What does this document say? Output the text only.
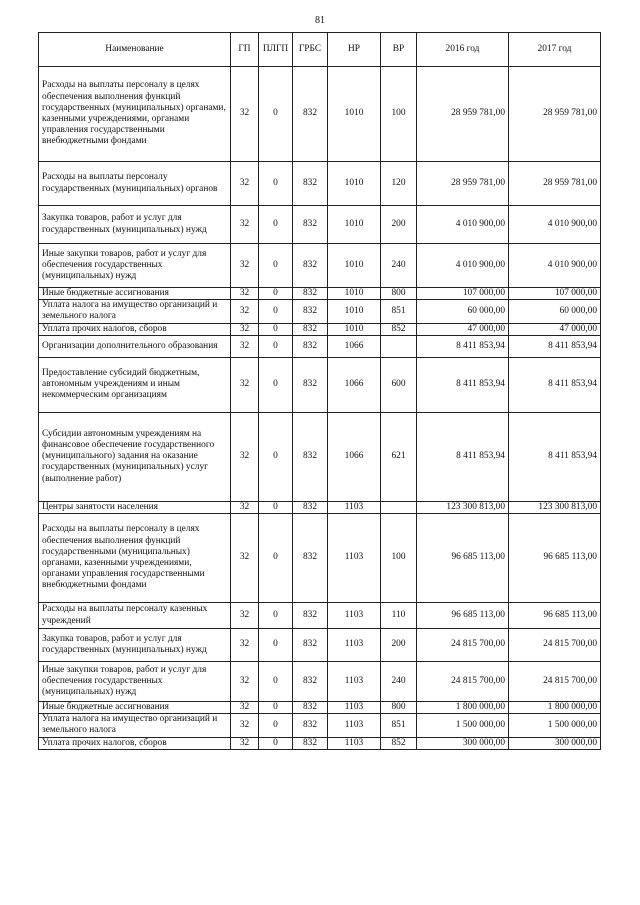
81
Наименование	ГП	ПЛГП	ГРБС	НР	ВР	2016 год	2017 год
Расходы на выплаты персоналу в целях обеспечения выполнения функций государственных (муниципальных) органами, казенными учреждениями, органами управления государственными внебюджетными фондами	32	0	832	1010	100	28 959 781,00	28 959 781,00
Расходы на выплаты персоналу государственных (муниципальных) органов	32	0	832	1010	120	28 959 781,00	28 959 781,00
Закупка товаров, работ и услуг для государственных (муниципальных) нужд	32	0	832	1010	200	4 010 900,00	4 010 900,00
Иные закупки товаров, работ и услуг для обеспечения государственных (муниципальных) нужд	32	0	832	1010	240	4 010 900,00	4 010 900,00
Иные бюджетные ассигнования	32	0	832	1010	800	107 000,00	107 000,00
Уплата налога на имущество организаций и земельного налога	32	0	832	1010	851	60 000,00	60 000,00
Уплата прочих налогов, сборов	32	0	832	1010	852	47 000,00	47 000,00
Организации дополнительного образования	32	0	832	1066		8 411 853,94	8 411 853,94
Предоставление субсидий бюджетным, автономным учреждениям и иным некоммерческим организациям	32	0	832	1066	600	8 411 853,94	8 411 853,94
Субсидии автономным учреждениям на финансовое обеспечение государственного (муниципального) задания на оказание государственных (муниципальных) услуг (выполнение работ)	32	0	832	1066	621	8 411 853,94	8 411 853,94
Центры занятости населения	32	0	832	1103		123 300 813,00	123 300 813,00
Расходы на выплаты персоналу в целях обеспечения выполнения функций государственными (муниципальных) органами, казенными учреждениями, органами управления государственными внебюджетными фондами	32	0	832	1103	100	96 685 113,00	96 685 113,00
Расходы на выплаты персоналу казенных учреждений	32	0	832	1103	110	96 685 113,00	96 685 113,00
Закупка товаров, работ и услуг для государственных (муниципальных) нужд	32	0	832	1103	200	24 815 700,00	24 815 700,00
Иные закупки товаров, работ и услуг для обеспечения государственных (муниципальных) нужд	32	0	832	1103	240	24 815 700,00	24 815 700,00
Иные бюджетные ассигнования	32	0	832	1103	800	1 800 000,00	1 800 000,00
Уплата налога на имущество организаций и земельного налога	32	0	832	1103	851	1 500 000,00	1 500 000,00
Уплата прочих налогов, сборов	32	0	832	1103	852	300 000,00	300 000,00
